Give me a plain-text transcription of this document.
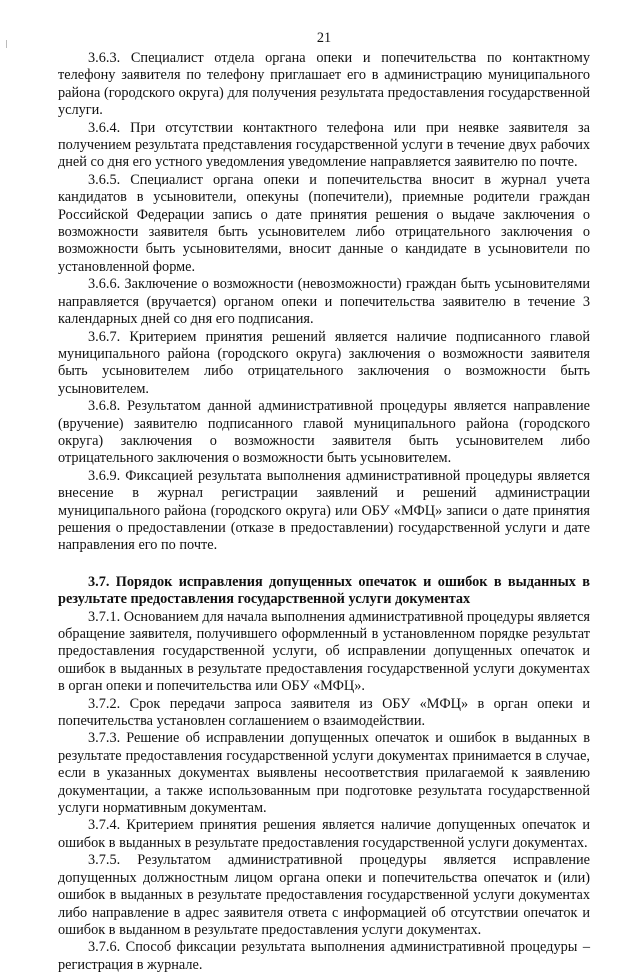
21

3.6.3. Специалист отдела органа опеки и попечительства по контактному телефону заявителя по телефону приглашает его в администрацию муниципального района (городского округа) для получения результата предоставления государственной услуги.

3.6.4. При отсутствии контактного телефона или при неявке заявителя за получением результата представления государственной услуги в течение двух рабочих дней со дня его устного уведомления уведомление направляется заявителю по почте.

3.6.5. Специалист органа опеки и попечительства вносит в журнал учета кандидатов в усыновители, опекуны (попечители), приемные родители граждан Российской Федерации запись о дате принятия решения о выдаче заключения о возможности заявителя быть усыновителем либо отрицательного заключения о возможности быть усыновителями, вносит данные о кандидате в усыновители по установленной форме.

3.6.6. Заключение о возможности (невозможности) граждан быть усыновителями направляется (вручается) органом опеки и попечительства заявителю в течение 3 календарных дней со дня его подписания.

3.6.7. Критерием принятия решений является наличие подписанного главой муниципального района (городского округа) заключения о возможности заявителя быть усыновителем либо отрицательного заключения о возможности быть усыновителем.

3.6.8. Результатом данной административной процедуры является направление (вручение) заявителю подписанного главой муниципального района (городского округа) заключения о возможности заявителя быть усыновителем либо отрицательного заключения о возможности быть усыновителем.

3.6.9. Фиксацией результата выполнения административной процедуры является внесение в журнал регистрации заявлений и решений администрации муниципального района (городского округа) или ОБУ «МФЦ» записи о дате принятия решения о предоставлении (отказе в предоставлении) государственной услуги и дате направления его по почте.

3.7. Порядок исправления допущенных опечаток и ошибок в выданных в результате предоставления государственной услуги документах

3.7.1. Основанием для начала выполнения административной процедуры является обращение заявителя, получившего оформленный в установленном порядке результат предоставления государственной услуги, об исправлении допущенных опечаток и ошибок в выданных в результате предоставления государственной услуги документах в орган опеки и попечительства или ОБУ «МФЦ».

3.7.2. Срок передачи запроса заявителя из ОБУ «МФЦ» в орган опеки и попечительства установлен соглашением о взаимодействии.

3.7.3. Решение об исправлении допущенных опечаток и ошибок в выданных в результате предоставления государственной услуги документах принимается в случае, если в указанных документах выявлены несоответствия прилагаемой к заявлению документации, а также использованным при подготовке результата государственной услуги нормативным документам.

3.7.4. Критерием принятия решения является наличие допущенных опечаток и ошибок в выданных в результате предоставления государственной услуги документах.

3.7.5. Результатом административной процедуры является исправление допущенных должностным лицом органа опеки и попечительства опечаток и (или) ошибок в выданных в результате предоставления государственной услуги документах либо направление в адрес заявителя ответа с информацией об отсутствии опечаток и ошибок в выданном в результате предоставления услуги документах.

3.7.6. Способ фиксации результата выполнения административной процедуры – регистрация в журнале.
